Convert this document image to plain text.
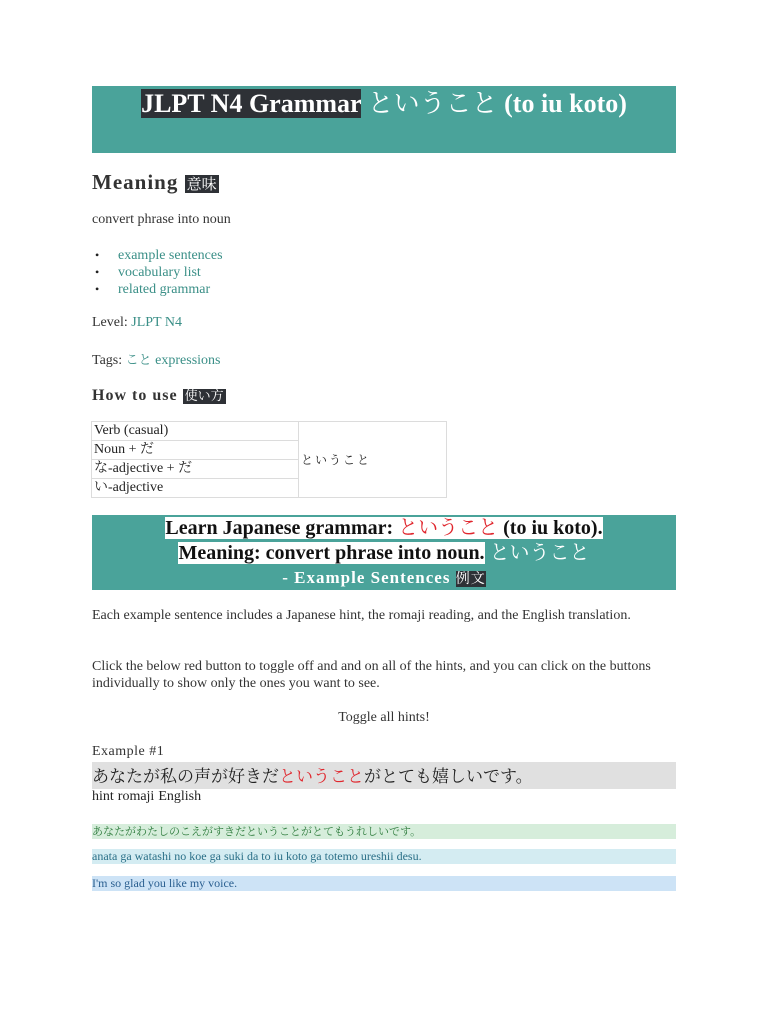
JLPT N4 Grammar ということ (to iu koto)
Meaning 意味
convert phrase into noun
• example sentences
• vocabulary list
• related grammar
Level: JLPT N4
Tags: こと expressions
How to use 使い方
Verb (casual)	ということ
Noun + だ
な-adjective + だ
い-adjective
Learn Japanese grammar: ということ (to iu koto).
Meaning: convert phrase into noun. ということ
- Example Sentences 例文
Each example sentence includes a Japanese hint, the romaji reading, and the English translation.
Click the below red button to toggle off and and on all of the hints, and you can click on the buttons individually to show only the ones you want to see.
Toggle all hints!
Example #1
あなたが私の声が好きだということがとても嬉しいです。
hint romaji English
あなたがわたしのこえがすきだということがとてもうれしいです。
anata ga watashi no koe ga suki da to iu koto ga totemo ureshii desu.
I'm so glad you like my voice.
